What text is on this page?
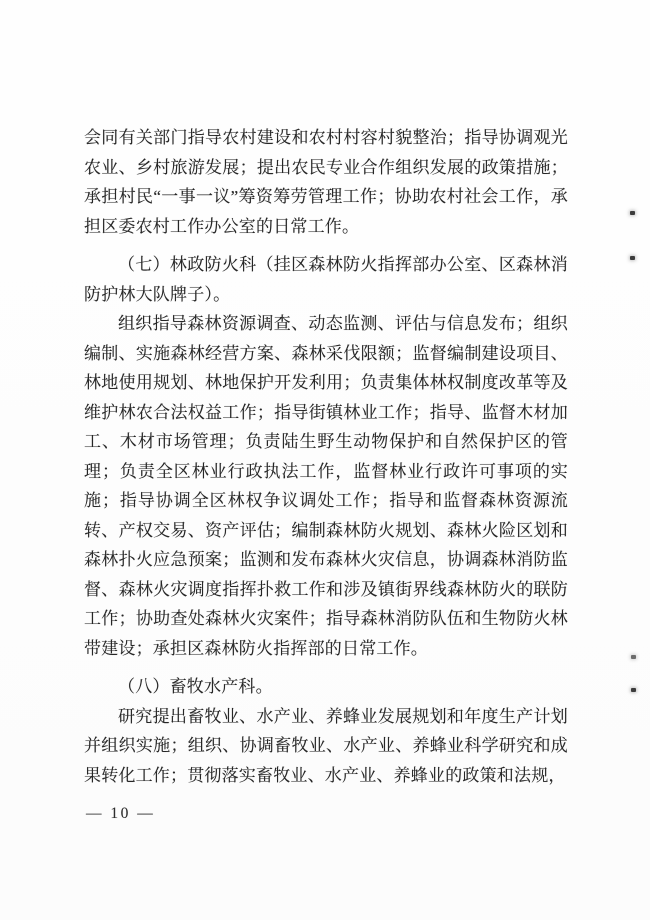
会同有关部门指导农村建设和农村村容村貌整治；指导协调观光农业、乡村旅游发展；提出农民专业合作组织发展的政策措施；承担村民“一事一议”筹资筹劳管理工作；协助农村社会工作，承担区委农村工作办公室的日常工作。

（七）林政防火科（挂区森林防火指挥部办公室、区森林消防护林大队牌子）。

组织指导森林资源调查、动态监测、评估与信息发布；组织编制、实施森林经营方案、森林采伐限额；监督编制建设项目、林地使用规划、林地保护开发利用；负责集体林权制度改革等及维护林农合法权益工作；指导街镇林业工作；指导、监督木材加工、木材市场管理；负责陆生野生动物保护和自然保护区的管理；负责全区林业行政执法工作，监督林业行政许可事项的实施；指导协调全区林权争议调处工作；指导和监督森林资源流转、产权交易、资产评估；编制森林防火规划、森林火险区划和森林扑火应急预案；监测和发布森林火灾信息，协调森林消防监督、森林火灾调度指挥扑救工作和涉及镇街界线森林防火的联防工作；协助查处森林火灾案件；指导森林消防队伍和生物防火林带建设；承担区森林防火指挥部的日常工作。

（八）畜牧水产科。

研究提出畜牧业、水产业、养蜂业发展规划和年度生产计划并组织实施；组织、协调畜牧业、水产业、养蜂业科学研究和成果转化工作；贯彻落实畜牧业、水产业、养蜂业的政策和法规，

— 10 —
